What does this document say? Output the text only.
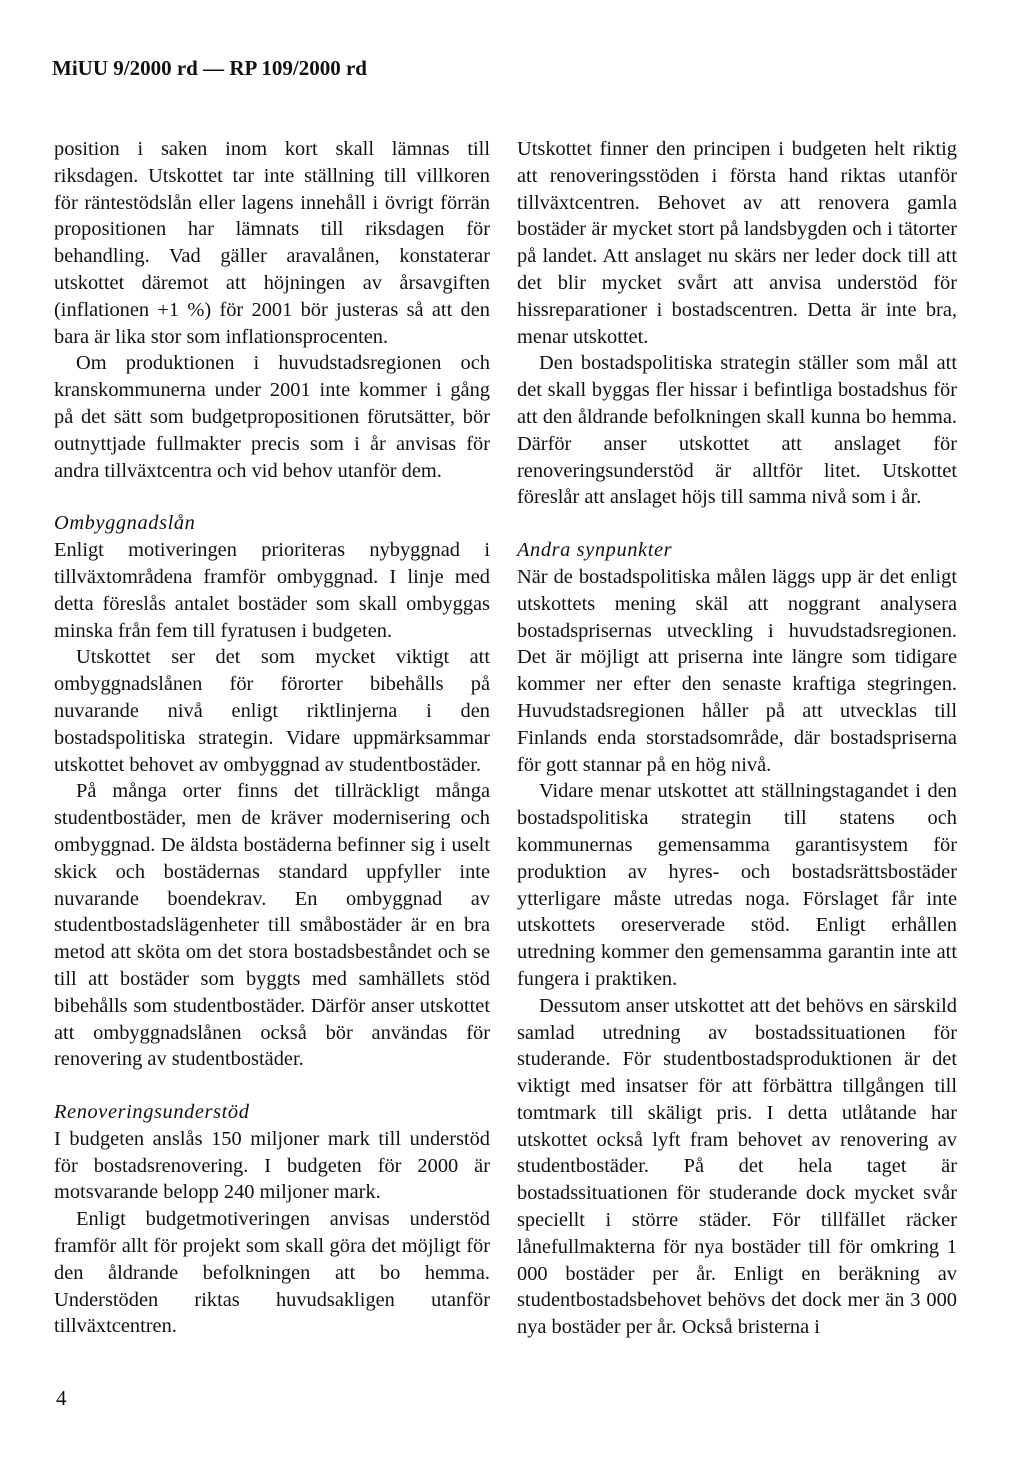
MiUU 9/2000 rd — RP 109/2000 rd

position i saken inom kort skall lämnas till riksdagen. Utskottet tar inte ställning till villkoren för räntestödslån eller lagens innehåll i övrigt förrän propositionen har lämnats till riksdagen för behandling. Vad gäller aravalånen, konstaterar utskottet däremot att höjningen av årsavgiften (inflationen +1 %) för 2001 bör justeras så att den bara är lika stor som inflationsprocenten.

Om produktionen i huvudstadsregionen och kranskommunerna under 2001 inte kommer i gång på det sätt som budgetpropositionen förutsätter, bör outnyttjade fullmakter precis som i år anvisas för andra tillväxtcentra och vid behov utanför dem.

Ombyggnadslån

Enligt motiveringen prioriteras nybyggnad i tillväxtområdena framför ombyggnad. I linje med detta föreslås antalet bostäder som skall ombyggas minska från fem till fyratusen i budgeten.

Utskottet ser det som mycket viktigt att ombyggnadslånen för förorter bibehålls på nuvarande nivå enligt riktlinjerna i den bostadspolitiska strategin. Vidare uppmärksammar utskottet behovet av ombyggnad av studentbostäder.

På många orter finns det tillräckligt många studentbostäder, men de kräver modernisering och ombyggnad. De äldsta bostäderna befinner sig i uselt skick och bostädernas standard uppfyller inte nuvarande boendekrav. En ombyggnad av studentbostadslägenheter till småbostäder är en bra metod att sköta om det stora bostadsbeståndet och se till att bostäder som byggts med samhällets stöd bibehålls som studentbostäder. Därför anser utskottet att ombyggnadslånen också bör användas för renovering av studentbostäder.

Renoveringsunderstöd

I budgeten anslås 150 miljoner mark till understöd för bostadsrenovering. I budgeten för 2000 är motsvarande belopp 240 miljoner mark.

Enligt budgetmotiveringen anvisas understöd framför allt för projekt som skall göra det möjligt för den åldrande befolkningen att bo hemma. Understöden riktas huvudsakligen utanför tillväxtcentren.

Utskottet finner den principen i budgeten helt riktig att renoveringsstöden i första hand riktas utanför tillväxtcentren. Behovet av att renovera gamla bostäder är mycket stort på landsbygden och i tätorter på landet. Att anslaget nu skärs ner leder dock till att det blir mycket svårt att anvisa understöd för hissreparationer i bostadscentren. Detta är inte bra, menar utskottet.

Den bostadspolitiska strategin ställer som mål att det skall byggas fler hissar i befintliga bostadshus för att den åldrande befolkningen skall kunna bo hemma. Därför anser utskottet att anslaget för renoveringsunderstöd är alltför litet. Utskottet föreslår att anslaget höjs till samma nivå som i år.

Andra synpunkter

När de bostadspolitiska målen läggs upp är det enligt utskottets mening skäl att noggrant analysera bostadsprisernas utveckling i huvudstadsregionen. Det är möjligt att priserna inte längre som tidigare kommer ner efter den senaste kraftiga stegringen. Huvudstadsregionen håller på att utvecklas till Finlands enda storstadsområde, där bostadspriserna för gott stannar på en hög nivå.

Vidare menar utskottet att ställningstagandet i den bostadspolitiska strategin till statens och kommunernas gemensamma garantisystem för produktion av hyres- och bostadsrättsbostäder ytterligare måste utredas noga. Förslaget får inte utskottets oreserverade stöd. Enligt erhållen utredning kommer den gemensamma garantin inte att fungera i praktiken.

Dessutom anser utskottet att det behövs en särskild samlad utredning av bostadssituationen för studerande. För studentbostadsproduktionen är det viktigt med insatser för att förbättra tillgången till tomtmark till skäligt pris. I detta utlåtande har utskottet också lyft fram behovet av renovering av studentbostäder. På det hela taget är bostadssituationen för studerande dock mycket svår speciellt i större städer. För tillfället räcker lånefullmakterna för nya bostäder till för omkring 1 000 bostäder per år. Enligt en beräkning av studentbostadsbehovet behövs det dock mer än 3 000 nya bostäder per år. Också bristerna i

4
